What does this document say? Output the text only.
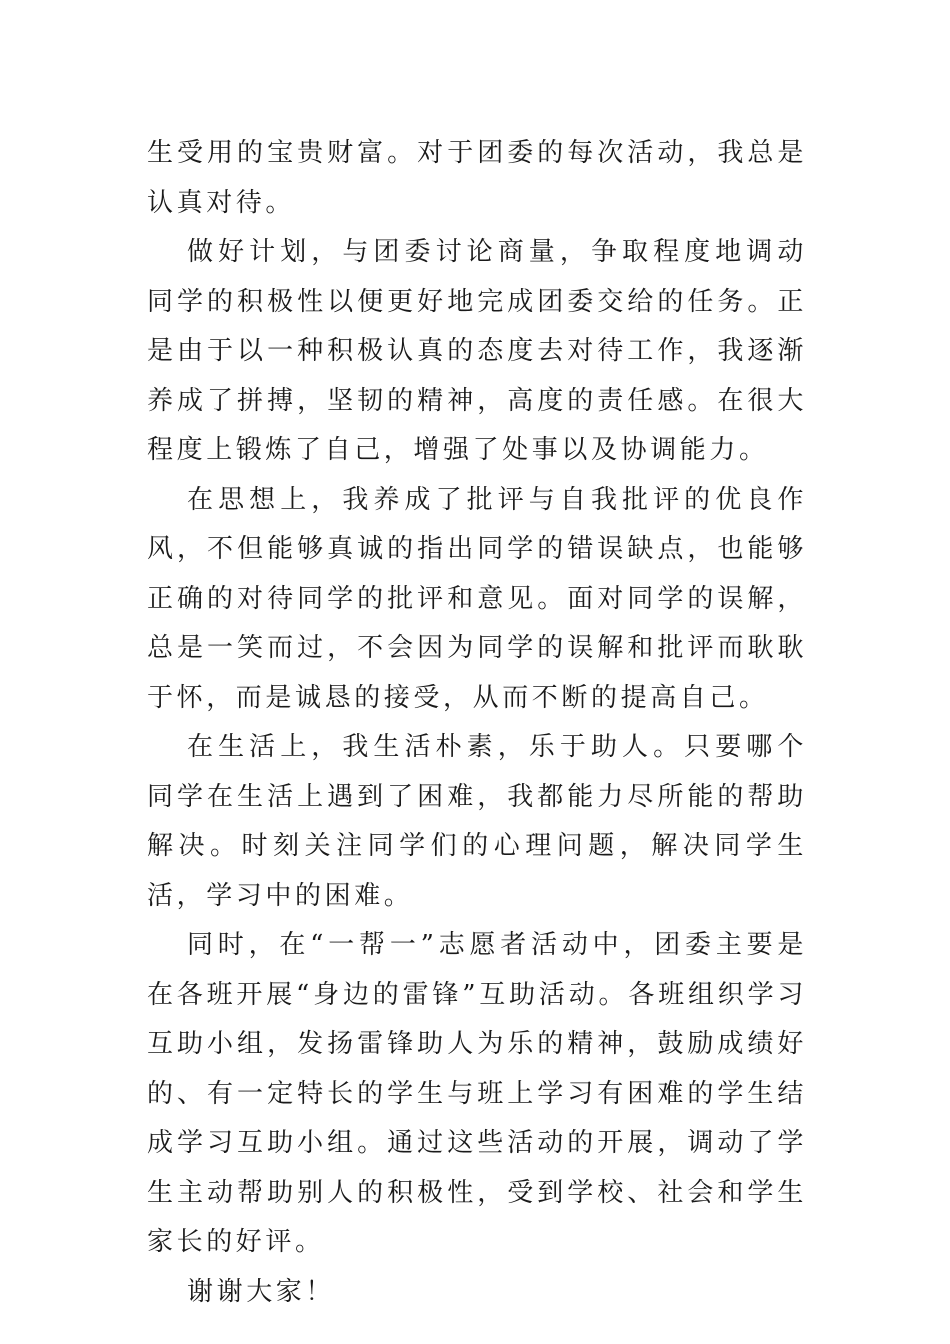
生受用的宝贵财富。对于团委的每次活动，我总是认真对待。

做好计划，与团委讨论商量，争取程度地调动同学的积极性以便更好地完成团委交给的任务。正是由于以一种积极认真的态度去对待工作，我逐渐养成了拼搏，坚韧的精神，高度的责任感。在很大程度上锻炼了自己，增强了处事以及协调能力。

在思想上，我养成了批评与自我批评的优良作风，不但能够真诚的指出同学的错误缺点，也能够正确的对待同学的批评和意见。面对同学的误解，总是一笑而过，不会因为同学的误解和批评而耿耿于怀，而是诚恳的接受，从而不断的提高自己。

在生活上，我生活朴素，乐于助人。只要哪个同学在生活上遇到了困难，我都能力尽所能的帮助解决。时刻关注同学们的心理问题，解决同学生活，学习中的困难。

同时，在“一帮一”志愿者活动中，团委主要是在各班开展“身边的雷锋”互助活动。各班组织学习互助小组，发扬雷锋助人为乐的精神，鼓励成绩好的、有一定特长的学生与班上学习有困难的学生结成学习互助小组。通过这些活动的开展，调动了学生主动帮助别人的积极性，受到学校、社会和学生家长的好评。

谢谢大家！
